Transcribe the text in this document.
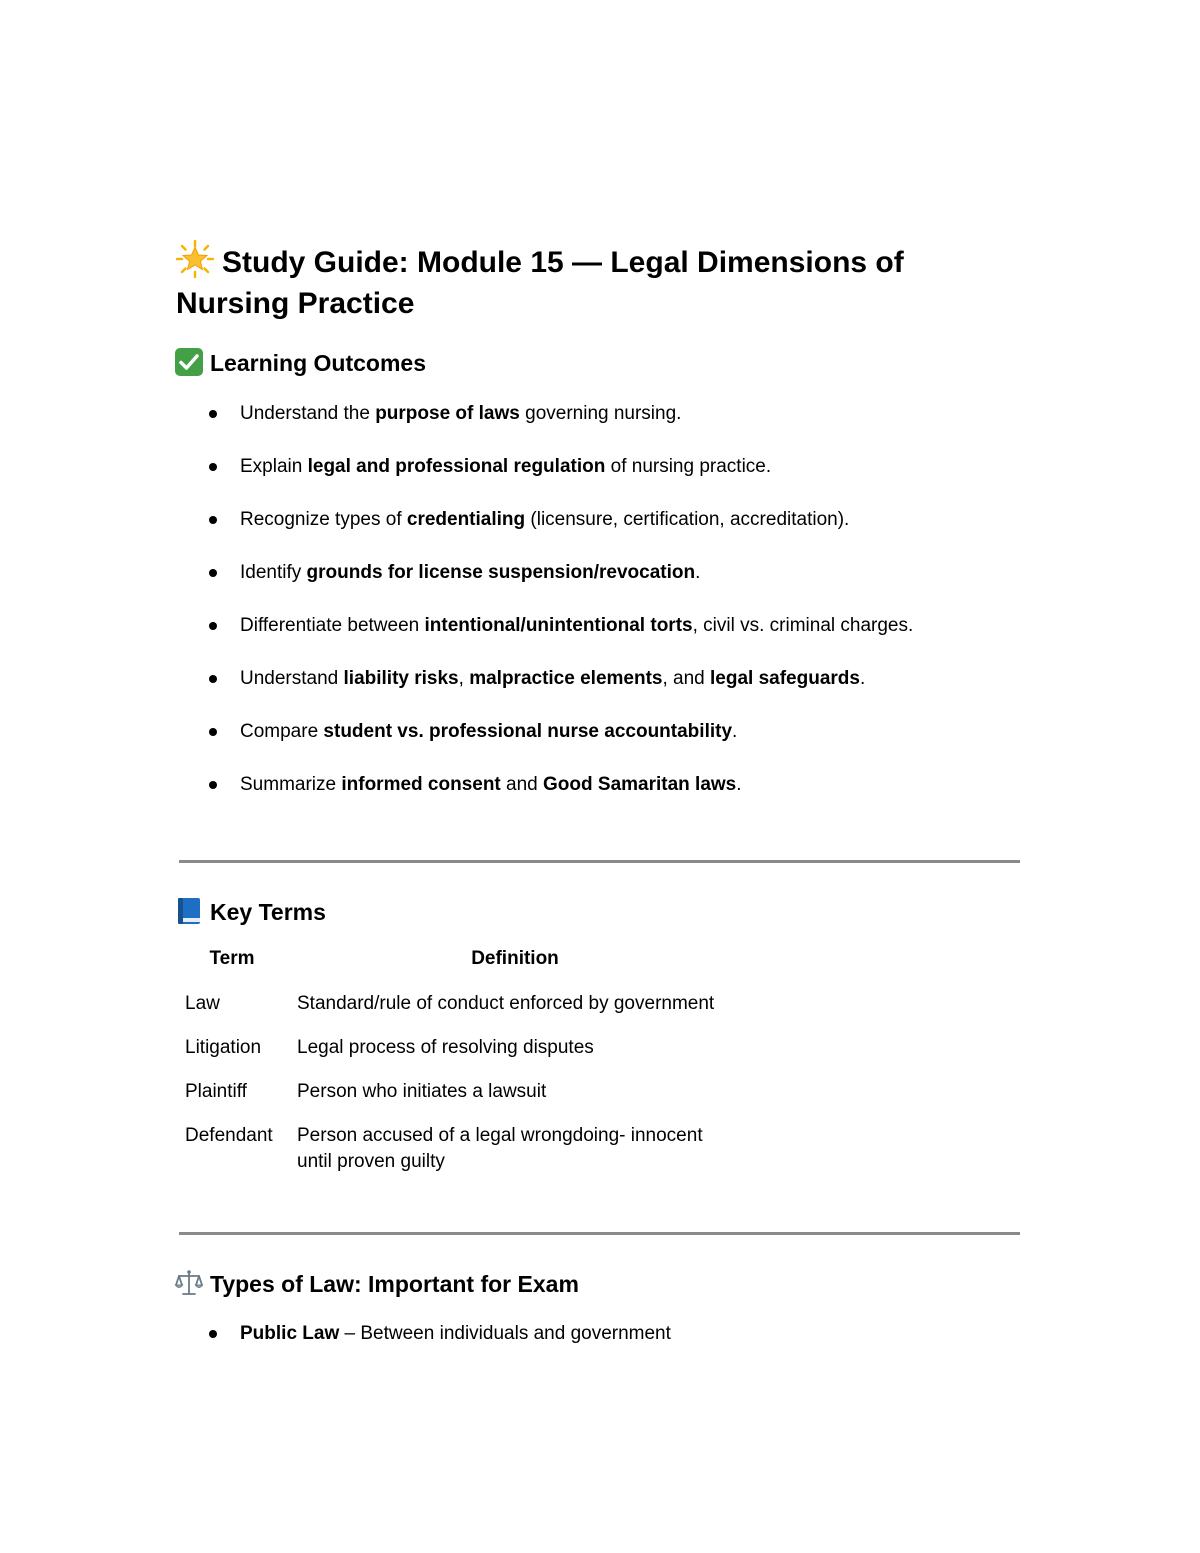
Study Guide: Module 15 — Legal Dimensions of Nursing Practice
Learning Outcomes
Understand the purpose of laws governing nursing.
Explain legal and professional regulation of nursing practice.
Recognize types of credentialing (licensure, certification, accreditation).
Identify grounds for license suspension/revocation.
Differentiate between intentional/unintentional torts, civil vs. criminal charges.
Understand liability risks, malpractice elements, and legal safeguards.
Compare student vs. professional nurse accountability.
Summarize informed consent and Good Samaritan laws.
Key Terms
Term	Definition
Law	Standard/rule of conduct enforced by government
Litigation	Legal process of resolving disputes
Plaintiff	Person who initiates a lawsuit
Defendant	Person accused of a legal wrongdoing- innocent until proven guilty
Types of Law: Important for Exam
Public Law – Between individuals and government
